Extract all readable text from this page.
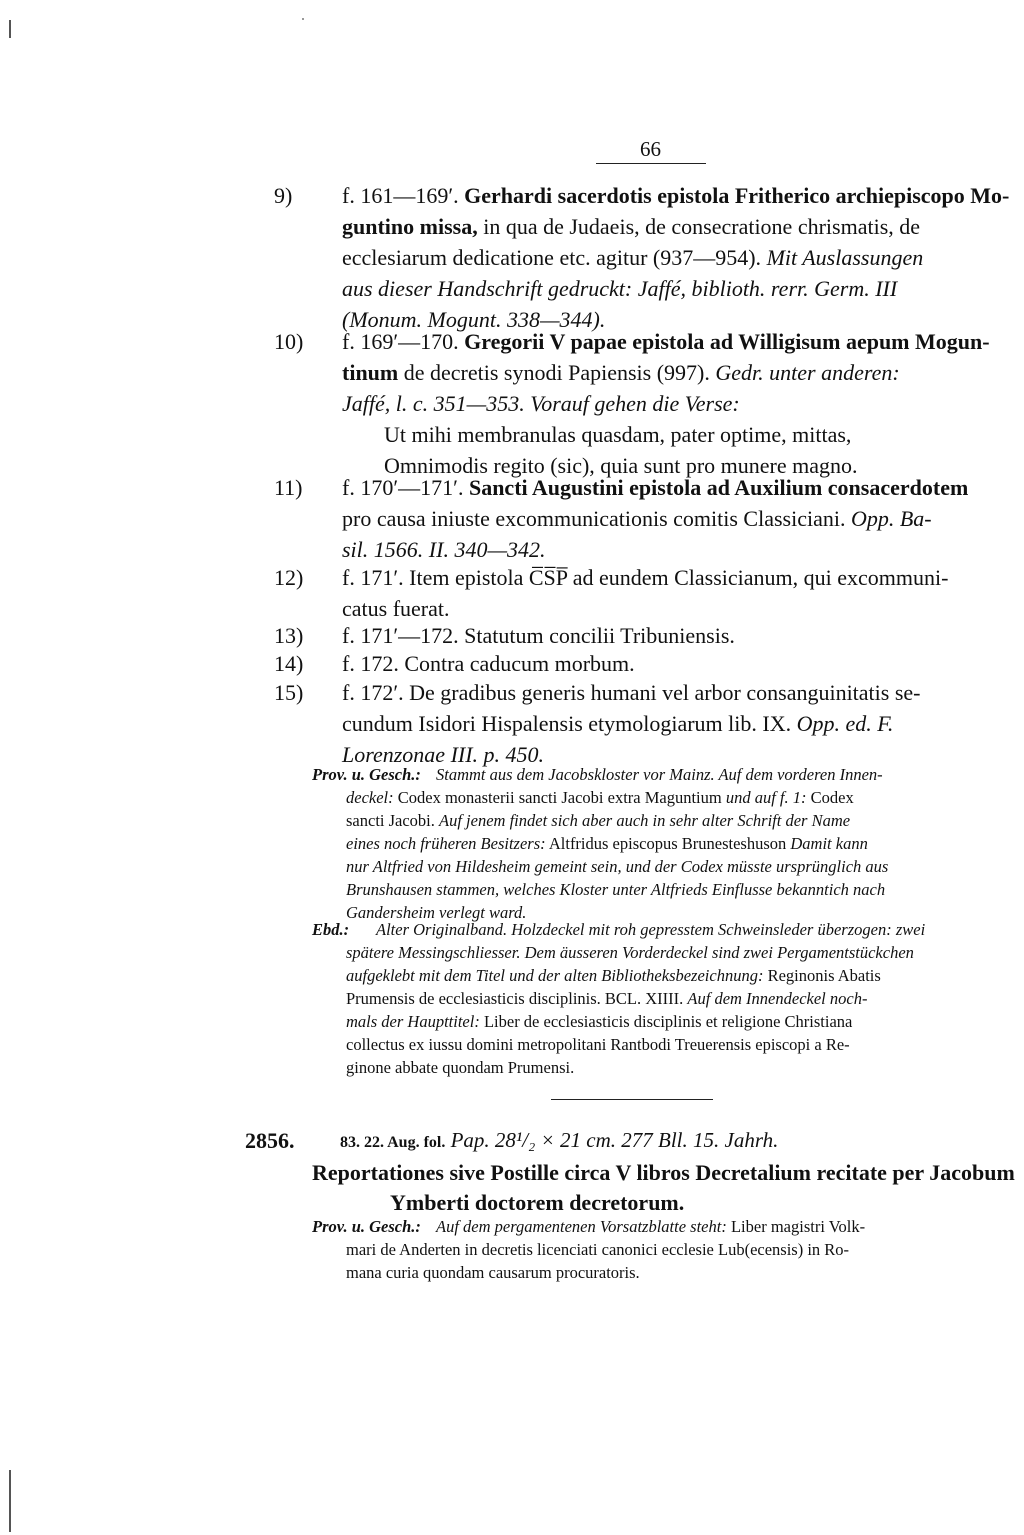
66
9)	f. 161—169′. Gerhardi sacerdotis epistola Fritherico archiepiscopo Mo-
guntino missa, in qua de Judaeis, de consecratione chrismatis, de
ecclesiarum dedicatione etc. agitur (937—954). Mit Auslassungen
aus dieser Handschrift gedruckt: Jaffé, biblioth. rerr. Germ. III
(Monum. Mogunt. 338—344).
10)	f. 169′—170. Gregorii V papae epistola ad Willigisum aepum Mogun-
tinum de decretis synodi Papiensis (997). Gedr. unter anderen:
Jaffé, l. c. 351—353. Vorauf gehen die Verse:
Ut mihi membranulas quasdam, pater optime, mittas,
Omnimodis regito (sic), quia sunt pro munere magno.
11)	f. 170′—171′. Sancti Augustini epistola ad Auxilium consacerdotem
pro causa iniuste excommunicationis comitis Classiciani. Opp. Ba-
sil. 1566. II. 340—342.
12)	f. 171′. Item epistola C̅S̅P̅ ad eundem Classicianum, qui excommuni-
catus fuerat.
13)	f. 171′—172. Statutum concilii Tribuniensis.
14)	f. 172. Contra caducum morbum.
15)	f. 172′. De gradibus generis humani vel arbor consanguinitatis se-
cundum Isidori Hispalensis etymologiarum lib. IX. Opp. ed. F.
Lorenzonae III. p. 450.
Prov. u. Gesch.: Stammt aus dem Jacobskloster vor Mainz. Auf dem vorderen Innen-
deckel: Codex monasterii sancti Jacobi extra Maguntium und auf f. 1: Codex
sancti Jacobi. Auf jenem findet sich aber auch in sehr alter Schrift der Name
eines noch früheren Besitzers: Altfridus episcopus Brunesteshuson Damit kann
nur Altfried von Hildesheim gemeint sein, und der Codex müsste ursprünglich aus
Brunshausen stammen, welches Kloster unter Altfrieds Einflusse bekanntich nach
Gandersheim verlegt ward.
Ebd.:	Alter Originalband. Holzdeckel mit roh gepresstem Schweinsleder überzogen: zwei
spätere Messingschliesser. Dem äusseren Vorderdeckel sind zwei Pergamentstückchen
aufgeklebt mit dem Titel und der alten Bibliotheksbezeichnung: Reginonis Abatis
Prumensis de ecclesiasticis disciplinis. BCL. XIIII. Auf dem Innendeckel noch-
mals der Haupttitel: Liber de ecclesiasticis disciplinis et religione Christiana
collectus ex iussu domini metropolitani Rantbodi Treuerensis episcopi a Re-
ginone abbate quondam Prumensi.
2856.	83. 22. Aug. fol. Pap. 28¹/₂ × 21 cm. 277 Bll. 15. Jahrh.
Reportationes sive Postille circa V libros Decretalium recitate per Jacobum
Ymberti doctorem decretorum.
Prov. u. Gesch.: Auf dem pergamentenen Vorsatzblatte steht: Liber magistri Volk-
mari de Anderten in decretis licenciati canonici ecclesie Lub(ecensis) in Ro-
mana curia quondam causarum procuratoris.
